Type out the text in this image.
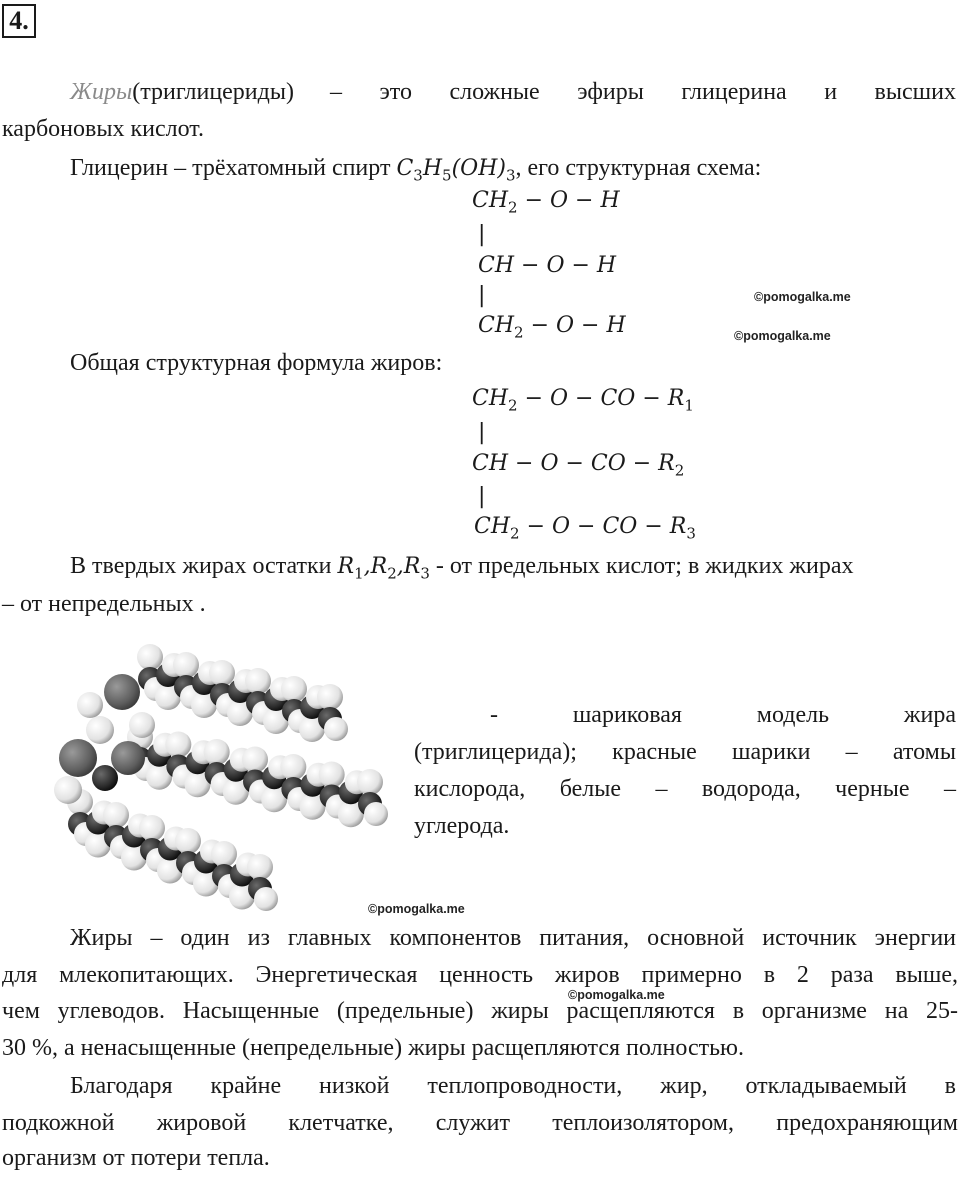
4.
Жиры (триглицериды) – это сложные эфиры глицерина и высших
карбоновых кислот.
Глицерин – трёхатомный спирт $C_3H_5(OH)_3$, его структурная схема:
$CH_2 - O - H$
|
CH − O − H
|
$CH_2 - O - H$
©pomogalka.me
©pomogalka.me
Общая структурная формула жиров:
$CH_2 - O$ − CO − $R_1$
|
CH − O − CO − $R_2$
|
$CH_2 - O$ − CO − $R_3$
В твердых жирах остатки $R_1,R_2,R_3$ - от предельных кислот; в жидких жирах
– от непредельных .
-	шариковая	модель	жира
(триглицерида); красные шарики – атомы
кислорода, белые – водорода, черные –
углерода.
©pomogalka.me
Жиры – один из главных компонентов питания, основной источник энергии
для млекопитающих. Энергетическая ценность жиров примерно в 2 раза выше,
©pomogalka.me
чем углеводов. Насыщенные (предельные) жиры расщепляются в организме на 25-
30 %, а ненасыщенные (непредельные) жиры расщепляются полностью.
Благодаря крайне низкой теплопроводности, жир, откладываемый в
подкожной жировой клетчатке, служит теплоизолятором, предохраняющим
организм от потери тепла.
